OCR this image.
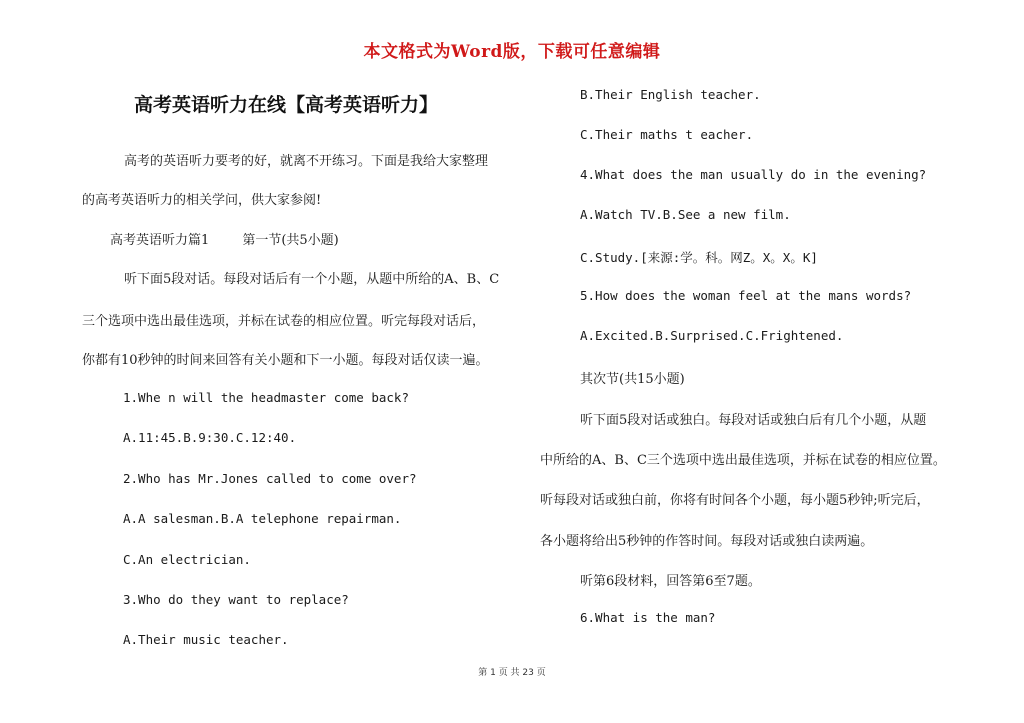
本文格式为Word版，下载可任意编辑
高考英语听力在线【高考英语听力】
高考的英语听力要考的好，就离不开练习。下面是我给大家整理
的高考英语听力的相关学问，供大家参阅!
高考英语听力篇1        第一节(共5小题)
听下面5段对话。每段对话后有一个小题，从题中所给的A、B、C
三个选项中选出最佳选项，并标在试卷的相应位置。听完每段对话后，
你都有10秒钟的时间来回答有关小题和下一小题。每段对话仅读一遍。
1.Whe n will the headmaster come back?
A.11:45.B.9:30.C.12:40.
2.Who has Mr.Jones called to come over?
A.A salesman.B.A telephone repairman.
C.An electrician.
3.Who do they want to replace?
A.Their music teacher.
B.Their English teacher.
C.Their maths t eacher.
4.What does the man usually do in the evening?
A.Watch TV.B.See a new film.
C.Study.[来源:学。科。网Z。X。X。K]
5.How does the woman feel at the mans words?
A.Excited.B.Surprised.C.Frightened.
其次节(共15小题)
听下面5段对话或独白。每段对话或独白后有几个小题，从题
中所给的A、B、C三个选项中选出最佳选项，并标在试卷的相应位置。
听每段对话或独白前，你将有时间各个小题，每小题5秒钟;听完后，
各小题将给出5秒钟的作答时间。每段对话或独白读两遍。
听第6段材料，回答第6至7题。
6.What is the man?
第 1 页 共 23 页
